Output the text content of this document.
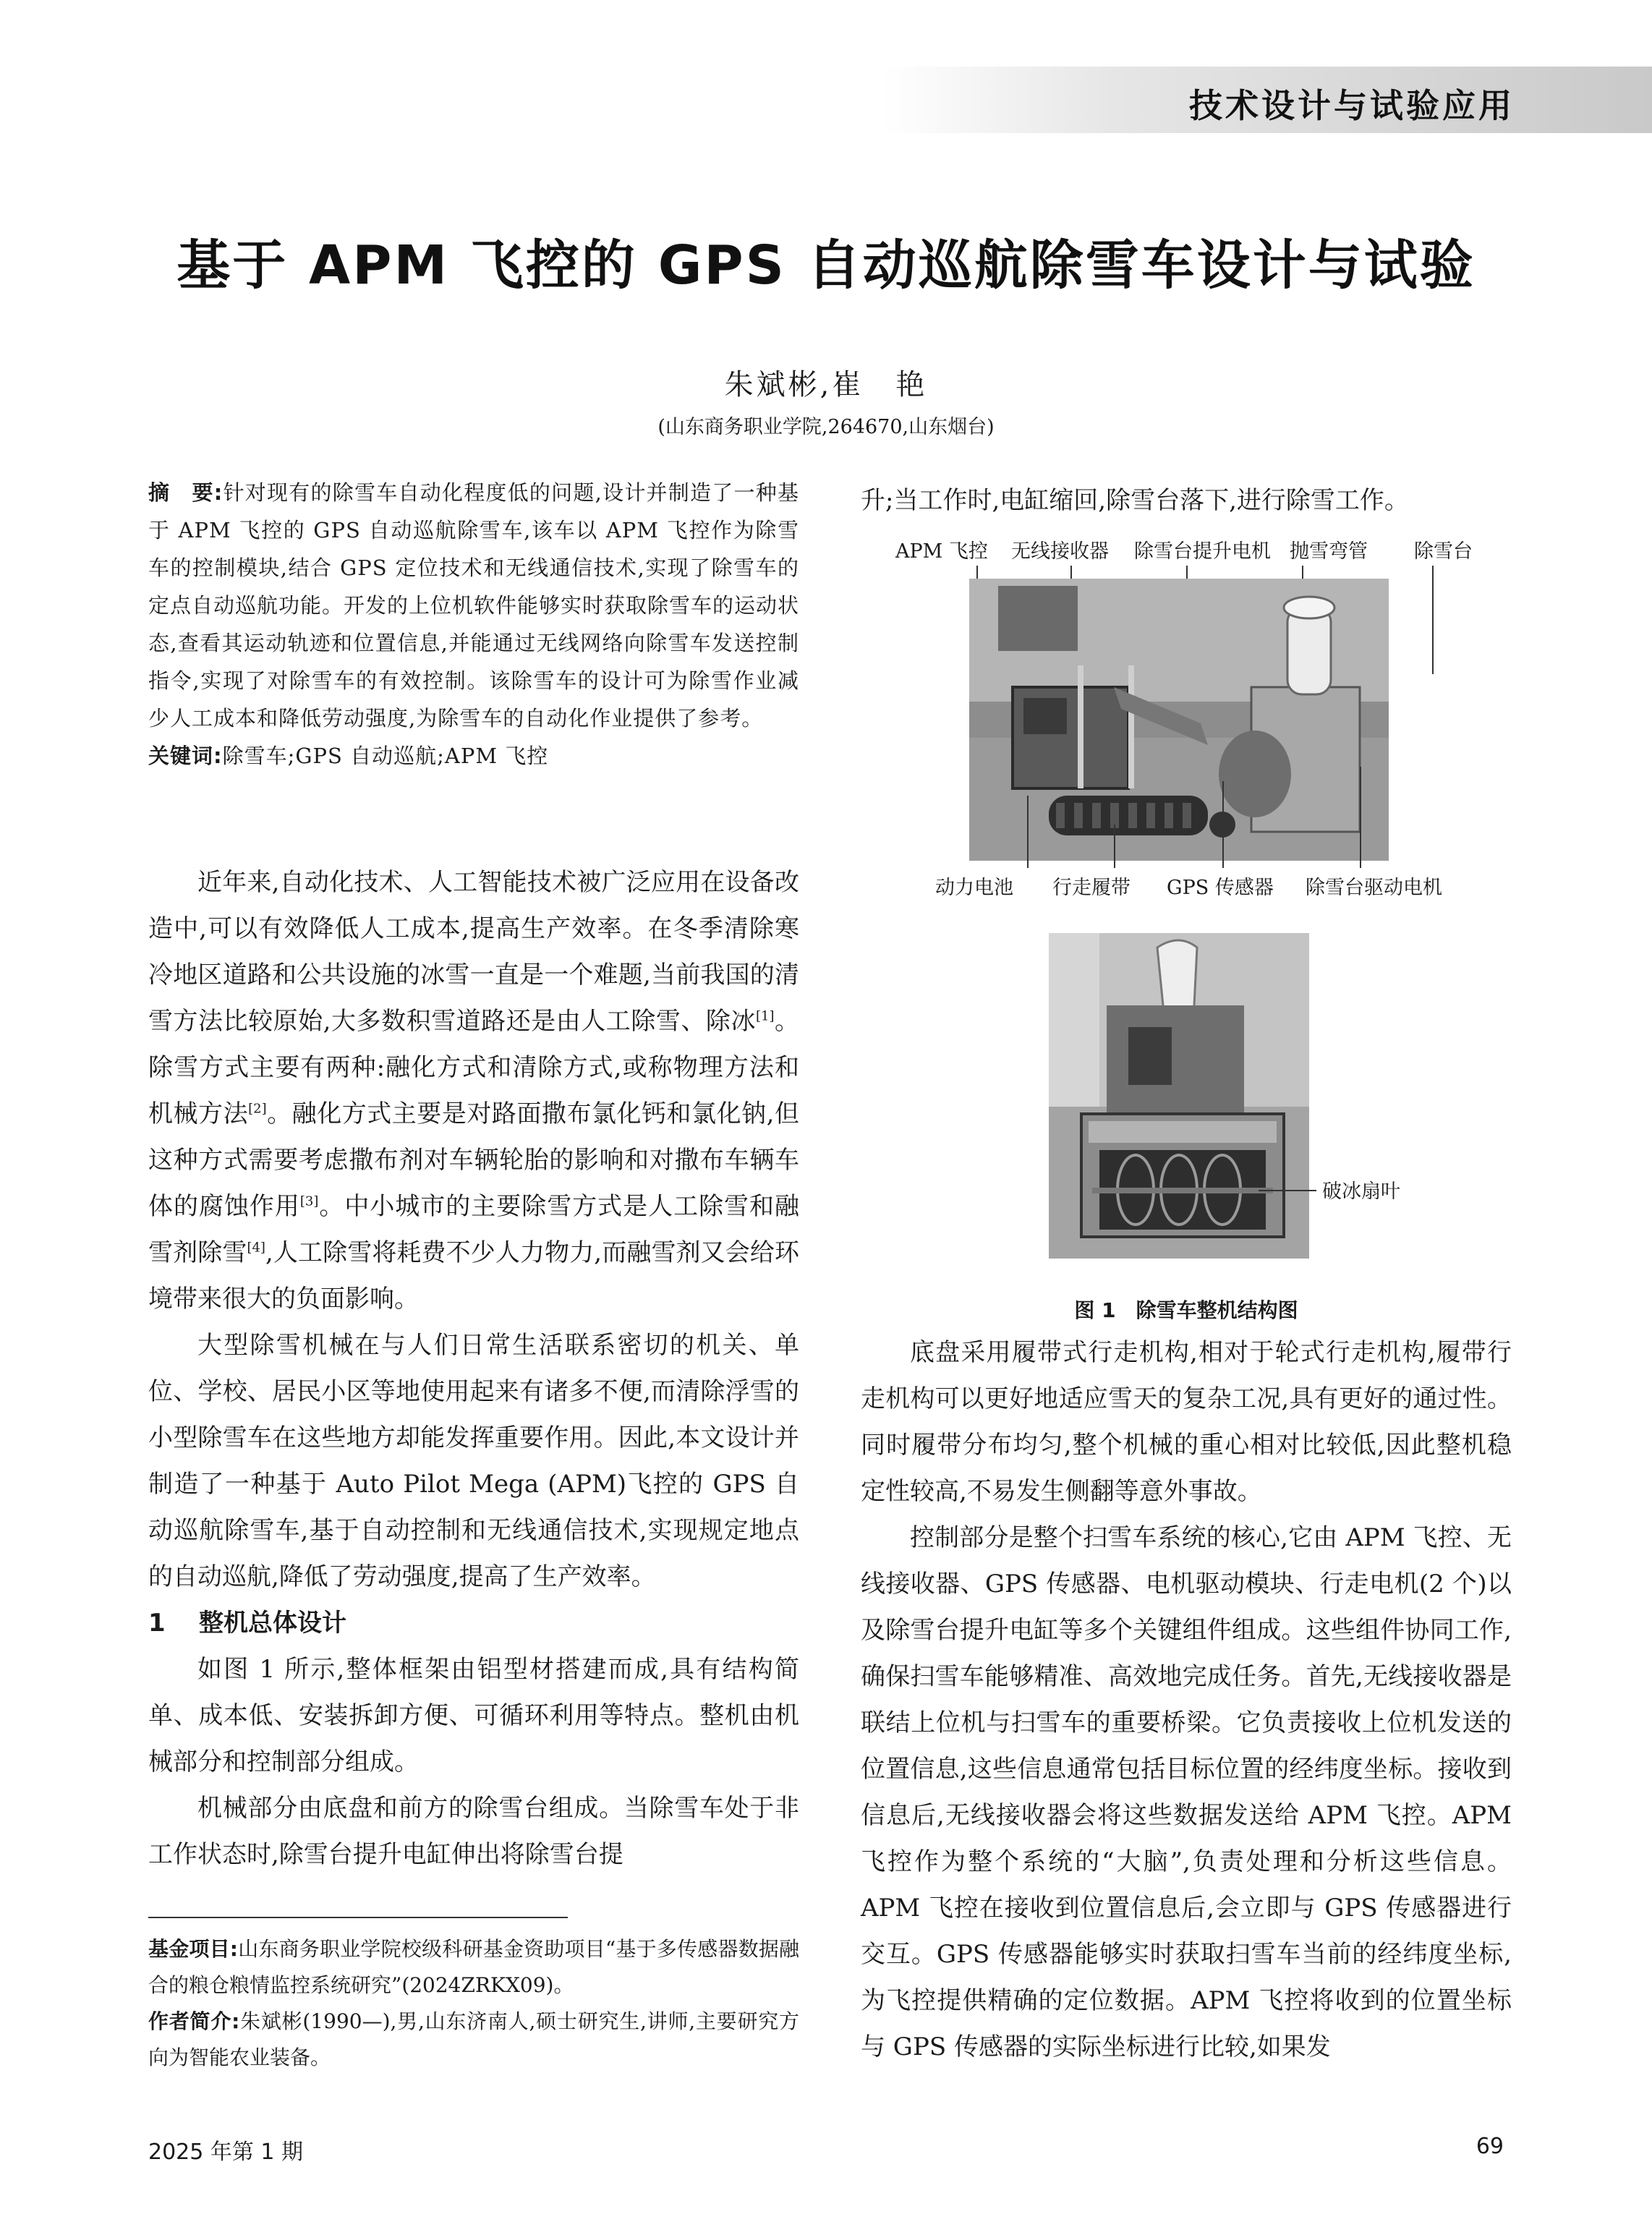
技术设计与试验应用
基于 APM 飞控的 GPS 自动巡航除雪车设计与试验
朱斌彬,崔　艳
(山东商务职业学院,264670,山东烟台)

摘　要:针对现有的除雪车自动化程度低的问题,设计并制造了一种基于 APM 飞控的 GPS 自动巡航除雪车,该车以 APM 飞控作为除雪车的控制模块,结合 GPS 定位技术和无线通信技术,实现了除雪车的定点自动巡航功能。开发的上位机软件能够实时获取除雪车的运动状态,查看其运动轨迹和位置信息,并能通过无线网络向除雪车发送控制指令,实现了对除雪车的有效控制。该除雪车的设计可为除雪作业减少人工成本和降低劳动强度,为除雪车的自动化作业提供了参考。

关键词:除雪车;GPS 自动巡航;APM 飞控

近年来,自动化技术、人工智能技术被广泛应用在设备改造中,可以有效降低人工成本,提高生产效率。在冬季清除寒冷地区道路和公共设施的冰雪一直是一个难题,当前我国的清雪方法比较原始,大多数积雪道路还是由人工除雪、除冰[1]。除雪方式主要有两种:融化方式和清除方式,或称物理方法和机械方法[2]。融化方式主要是对路面撒布氯化钙和氯化钠,但这种方式需要考虑撒布剂对车辆轮胎的影响和对撒布车辆车体的腐蚀作用[3]。中小城市的主要除雪方式是人工除雪和融雪剂除雪[4],人工除雪将耗费不少人力物力,而融雪剂又会给环境带来很大的负面影响。

大型除雪机械在与人们日常生活联系密切的机关、单位、学校、居民小区等地使用起来有诸多不便,而清除浮雪的小型除雪车在这些地方却能发挥重要作用。因此,本文设计并制造了一种基于 Auto Pilot Mega (APM)飞控的 GPS 自动巡航除雪车,基于自动控制和无线通信技术,实现规定地点的自动巡航,降低了劳动强度,提高了生产效率。

1 整机总体设计

如图 1 所示,整体框架由铝型材搭建而成,具有结构简单、成本低、安装拆卸方便、可循环利用等特点。整机由机械部分和控制部分组成。

机械部分由底盘和前方的除雪台组成。当除雪车处于非工作状态时,除雪台提升电缸伸出将除雪台提

基金项目:山东商务职业学院校级科研基金资助项目“基于多传感器数据融合的粮仓粮情监控系统研究”(2024ZRKX09)。

作者简介:朱斌彬(1990—),男,山东济南人,硕士研究生,讲师,主要研究方向为智能农业装备。

升;当工作时,电缸缩回,除雪台落下,进行除雪工作。
APM 飞控 无线接收器 除雪台提升电机 抛雪弯管 除雪台
动力电池 行走履带 GPS 传感器 除雪台驱动电机
破冰扇叶
图 1　除雪车整机结构图

底盘采用履带式行走机构,相对于轮式行走机构,履带行走机构可以更好地适应雪天的复杂工况,具有更好的通过性。同时履带分布均匀,整个机械的重心相对比较低,因此整机稳定性较高,不易发生侧翻等意外事故。

控制部分是整个扫雪车系统的核心,它由 APM 飞控、无线接收器、GPS 传感器、电机驱动模块、行走电机(2 个)以及除雪台提升电缸等多个关键组件组成。这些组件协同工作,确保扫雪车能够精准、高效地完成任务。首先,无线接收器是联结上位机与扫雪车的重要桥梁。它负责接收上位机发送的位置信息,这些信息通常包括目标位置的经纬度坐标。接收到信息后,无线接收器会将这些数据发送给 APM 飞控。APM 飞控作为整个系统的“大脑”,负责处理和分析这些信息。APM 飞控在接收到位置信息后,会立即与 GPS 传感器进行交互。GPS 传感器能够实时获取扫雪车当前的经纬度坐标,为飞控提供精确的定位数据。APM 飞控将收到的位置坐标与 GPS 传感器的实际坐标进行比较,如果发

2025 年第 1 期	69
